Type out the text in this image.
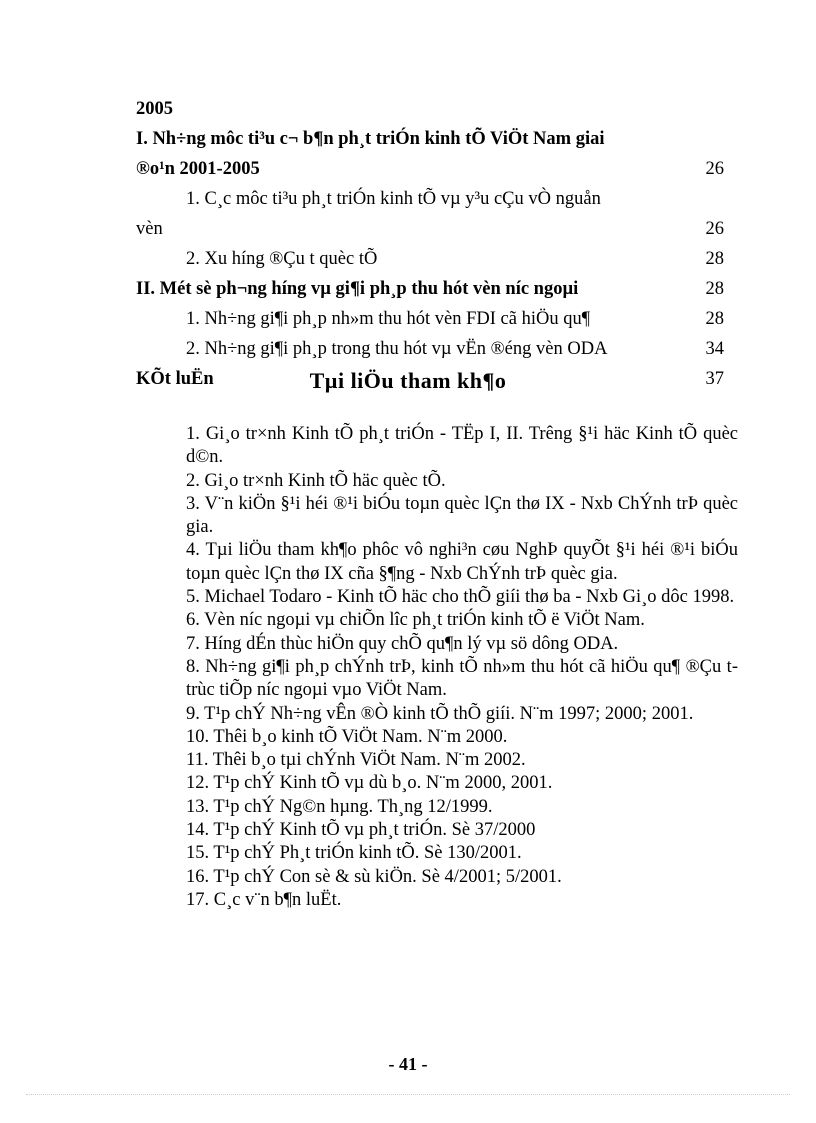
2005
I. Nh÷ng môc ti³u c¬ b¶n ph¸t triÓn kinh tÕ ViÖt Nam giai
®o¹n 2001-2005	26
1. C¸c môc ti³u ph¸t triÓn kinh tÕ vµ y³u cÇu vÒ nguån
vèn	26
2. Xu híng ®Çu t quèc tÕ	28
II. Mét sè ph¬ng híng vµ gi¶i ph¸p thu hót vèn níc ngoµi	28
1. Nh÷ng gi¶i ph¸p nh»m thu hót vèn FDI cã hiÖu qu¶	28
2. Nh÷ng gi¶i ph¸p trong thu hót vµ vËn ®éng vèn ODA	34
KÕt luËn	37
Tµi liÖu tham kh¶o
1. Gi¸o tr×nh Kinh tÕ ph¸t triÓn - TËp I, II. Trêng §¹i häc Kinh tÕ quèc d©n.
2. Gi¸o tr×nh Kinh tÕ häc quèc tÕ.
3. V¨n kiÖn §¹i héi ®¹i biÓu toµn quèc lÇn thø IX - Nxb ChÝnh trÞ quèc gia.
4. Tµi liÖu tham kh¶o phôc vô nghi³n cøu NghÞ quyÕt §¹i héi ®¹i biÓu toµn quèc lÇn thø IX cña §¶ng - Nxb ChÝnh trÞ quèc gia.
5. Michael Todaro - Kinh tÕ häc cho thÕ giíi thø ba - Nxb Gi¸o dôc 1998.
6. Vèn níc ngoµi vµ chiÕn lîc ph¸t triÓn kinh tÕ ë ViÖt Nam.
7. Híng dÉn thùc hiÖn quy chÕ qu¶n lý vµ sö dông ODA.
8. Nh÷ng gi¶i ph¸p chÝnh trÞ, kinh tÕ nh»m thu hót cã hiÖu qu¶ ®Çu t trùc tiÕp níc ngoµi vµo ViÖt Nam.
9. T¹p chÝ Nh÷ng vÊn ®Ò kinh tÕ thÕ giíi. N¨m 1997; 2000; 2001.
10. Thêi b¸o kinh tÕ ViÖt Nam. N¨m 2000.
11. Thêi b¸o tµi chÝnh ViÖt Nam. N¨m 2002.
12. T¹p chÝ Kinh tÕ vµ dù b¸o. N¨m 2000, 2001.
13. T¹p chÝ Ng©n hµng. Th¸ng 12/1999.
14. T¹p chÝ Kinh tÕ vµ ph¸t triÓn. Sè 37/2000
15. T¹p chÝ Ph¸t triÓn kinh tÕ. Sè 130/2001.
16. T¹p chÝ Con sè & sù kiÖn. Sè 4/2001; 5/2001.
17. C¸c v¨n b¶n luËt.
- 41 -
